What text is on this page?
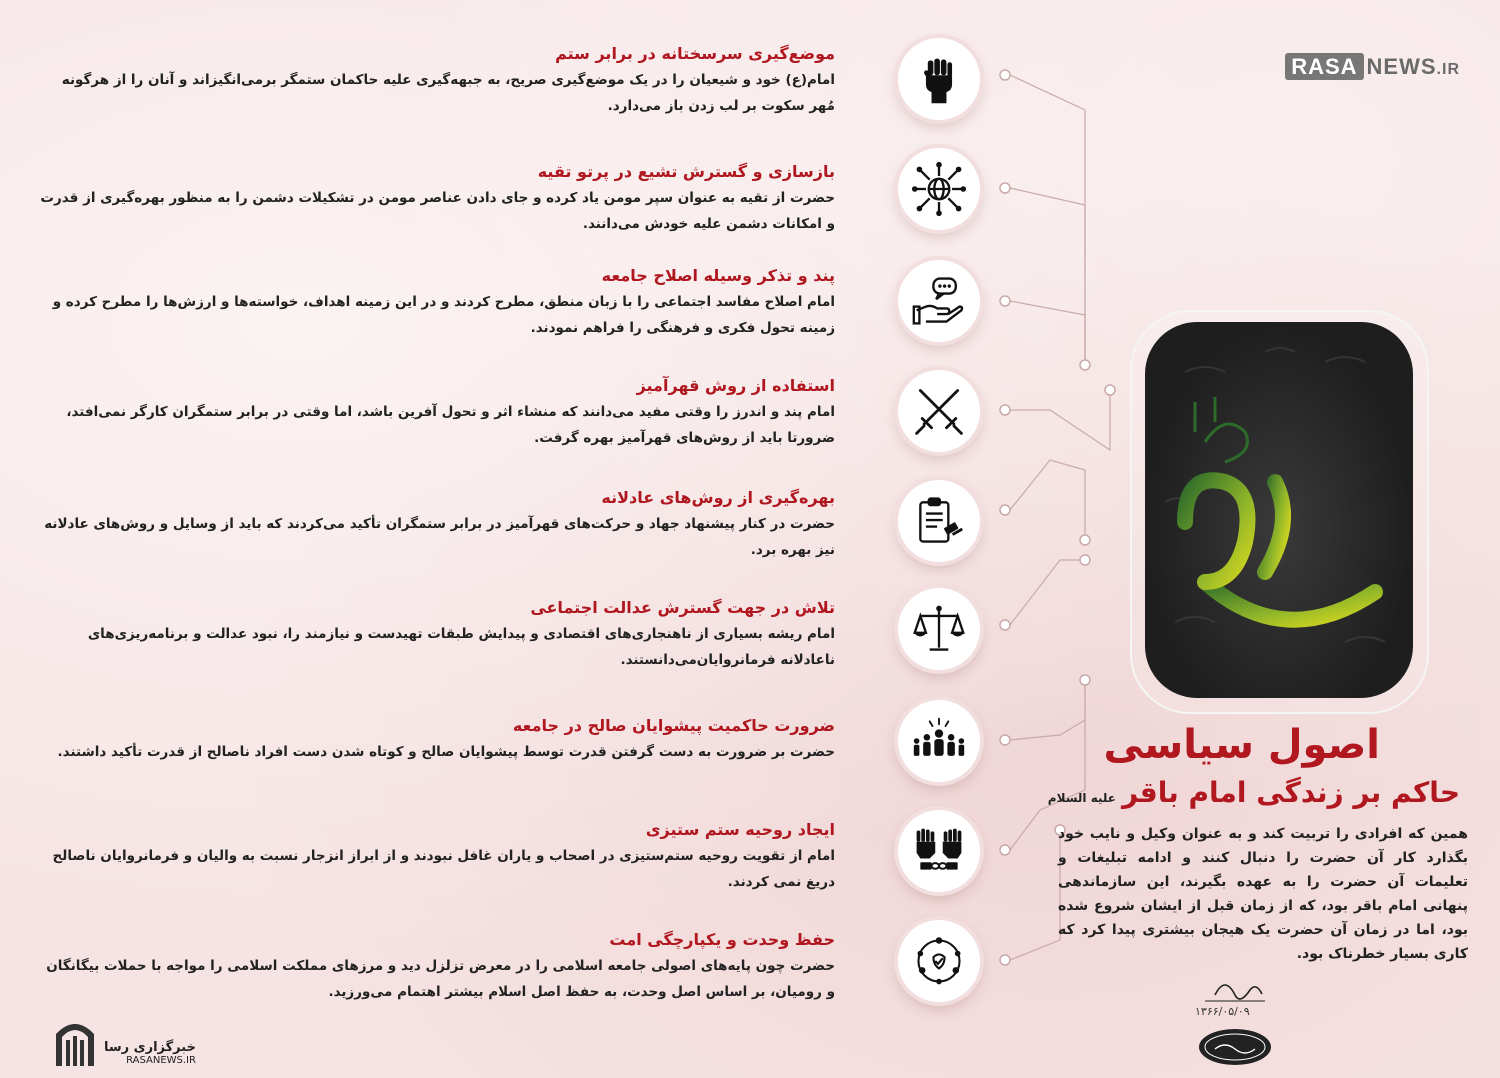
RASA NEWS.IR
موضع‌گیری سرسختانه در برابر ستم

امام(ع) خود و شیعیان را در یک موضع‌گیری صریح، به جبهه‌گیری علیه حاکمان ستمگر برمی‌انگیزاند و آنان را از هرگونه مُهر سکوت بر لب زدن باز می‌دارد.

بازسازی و گسترش تشیع در پرتو تقیه

حضرت از تقیه به عنوان سپر مومن یاد کرده و جای دادن عناصر مومن در تشکیلات دشمن را به منظور بهره‌گیری از قدرت و امکانات دشمن علیه خودش می‌دانند.

پند و تذکر وسیله اصلاح جامعه

امام اصلاح مفاسد اجتماعی را با زبان منطق، مطرح کردند و در این زمینه اهداف، خواسته‌ها و ارزش‌ها را مطرح کرده و زمینه تحول فکری و فرهنگی را فراهم نمودند.

استفاده از روش قهرآمیز

امام پند و اندرز را وقتی مفید می‌دانند که منشاء اثر و تحول آفرین باشد، اما وقتی در برابر ستمگران کارگر نمی‌افتد، ضرورتا باید از روش‌های قهرآمیز بهره گرفت.

بهره‌گیری از روش‌های عادلانه

حضرت در کنار پیشنهاد جهاد و حرکت‌های قهرآمیز در برابر ستمگران تأکید می‌کردند که باید از وسایل و روش‌های عادلانه نیز بهره برد.

تلاش در جهت گسترش عدالت اجتماعی

امام ریشه بسیاری از ناهنجاری‌های اقتصادی و پیدایش طبقات تهیدست و نیازمند را، نبود عدالت و برنامه‌ریزی‌های ناعادلانه فرمانروایان‌می‌دانستند.

ضرورت حاکمیت پیشوایان صالح در جامعه

حضرت بر ضرورت به دست گرفتن قدرت توسط پیشوایان صالح و کوتاه شدن دست افراد ناصالح از قدرت تأکید داشتند.

ایجاد روحیه ستم ستیزی

امام از تقویت روحیه ستم‌ستیزی در اصحاب و یاران غافل نبودند و از ابراز انزجار نسبت به والیان و فرمانروایان ناصالح دریغ نمی کردند.

حفظ وحدت و یکپارچگی امت

حضرت چون پایه‌های اصولی جامعه اسلامی را در معرض تزلزل دید و مرزهای مملکت اسلامی را مواجه با حملات بیگانگان و رومیان، بر اساس اصل وحدت، به حفظ اصل اسلام بیشتر اهتمام می‌ورزید.

اصول سیاسی
حاکم بر زندگی امام باقرعلیه السلام

همین که افرادی را تربیت کند و به عنوان وکیل و نایب خود بگذارد کار آن حضرت را دنبال کنند و ادامه تبلیغات و تعلیمات آن حضرت را به عهده بگیرند، این سازماندهی پنهانی امام باقر بود، که از زمان قبل از ایشان شروع شده بود، اما در زمان آن حضرت یک هیجان بیشتری پیدا کرد که کاری بسیار خطرناک بود.

۱۳۶۶/۰۵/۰۹
خبرگزاری رسا
RASANEWS.IR
